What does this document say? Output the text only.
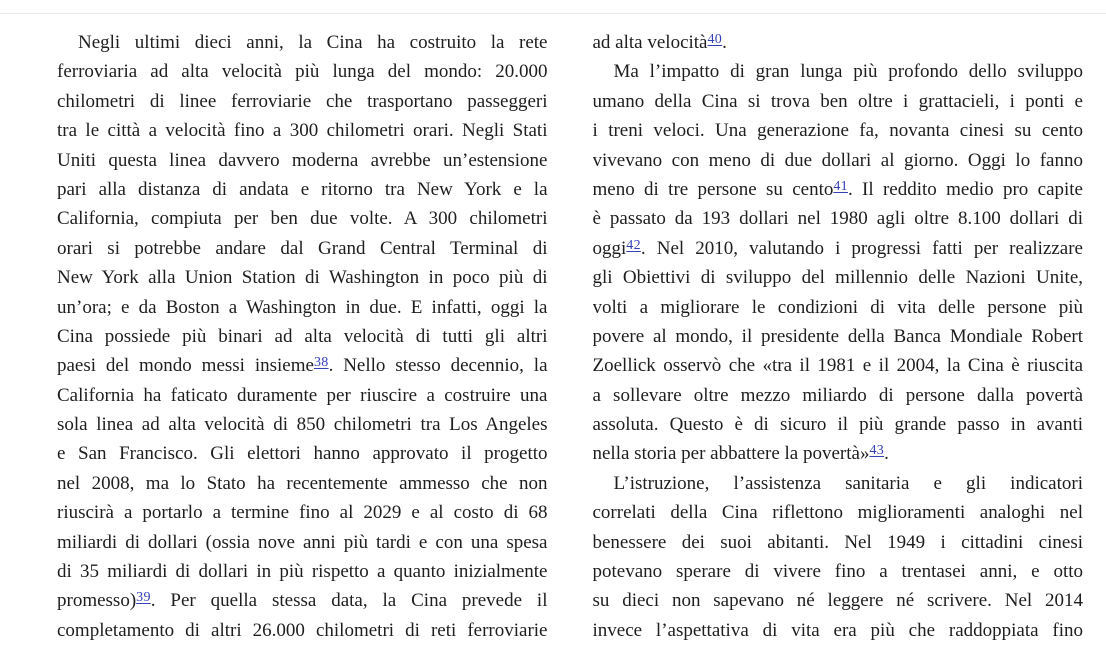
Negli ultimi dieci anni, la Cina ha costruito la rete
ferroviaria ad alta velocità più lunga del mondo: 20.000
chilometri di linee ferroviarie che trasportano passeggeri
tra le città a velocità fino a 300 chilometri orari. Negli Stati
Uniti questa linea davvero moderna avrebbe un’estensione
pari alla distanza di andata e ritorno tra New York e la
California, compiuta per ben due volte. A 300 chilometri
orari si potrebbe andare dal Grand Central Terminal di
New York alla Union Station di Washington in poco più di
un’ora; e da Boston a Washington in due. E infatti, oggi la
Cina possiede più binari ad alta velocità di tutti gli altri
paesi del mondo messi insieme$^{38}$. Nello stesso decennio, la
California ha faticato duramente per riuscire a costruire una
sola linea ad alta velocità di 850 chilometri tra Los Angeles
e San Francisco. Gli elettori hanno approvato il progetto
nel 2008, ma lo Stato ha recentemente ammesso che non
riuscirà a portarlo a termine fino al 2029 e al costo di 68
miliardi di dollari (ossia nove anni più tardi e con una spesa
di 35 miliardi di dollari in più rispetto a quanto inizialmente
promesso)$^{39}$. Per quella stessa data, la Cina prevede il
completamento di altri 26.000 chilometri di reti ferroviarie
ad alta velocità$^{40}$.
Ma l’impatto di gran lunga più profondo dello sviluppo
umano della Cina si trova ben oltre i grattacieli, i ponti e
i treni veloci. Una generazione fa, novanta cinesi su cento
vivevano con meno di due dollari al giorno. Oggi lo fanno
meno di tre persone su cento$^{41}$. Il reddito medio pro capite
è passato da 193 dollari nel 1980 agli oltre 8.100 dollari di
oggi$^{42}$. Nel 2010, valutando i progressi fatti per realizzare
gli Obiettivi di sviluppo del millennio delle Nazioni Unite,
volti a migliorare le condizioni di vita delle persone più
povere al mondo, il presidente della Banca Mondiale Robert
Zoellick osservò che «tra il 1981 e il 2004, la Cina è riuscita
a sollevare oltre mezzo miliardo di persone dalla povertà
assoluta. Questo è di sicuro il più grande passo in avanti
nella storia per abbattere la povertà»$^{43}$.
L’istruzione, l’assistenza sanitaria e gli indicatori
correlati della Cina riflettono miglioramenti analoghi nel
benessere dei suoi abitanti. Nel 1949 i cittadini cinesi
potevano sperare di vivere fino a trentasei anni, e otto
su dieci non sapevano né leggere né scrivere. Nel 2014
invece l’aspettativa di vita era più che raddoppiata fino
